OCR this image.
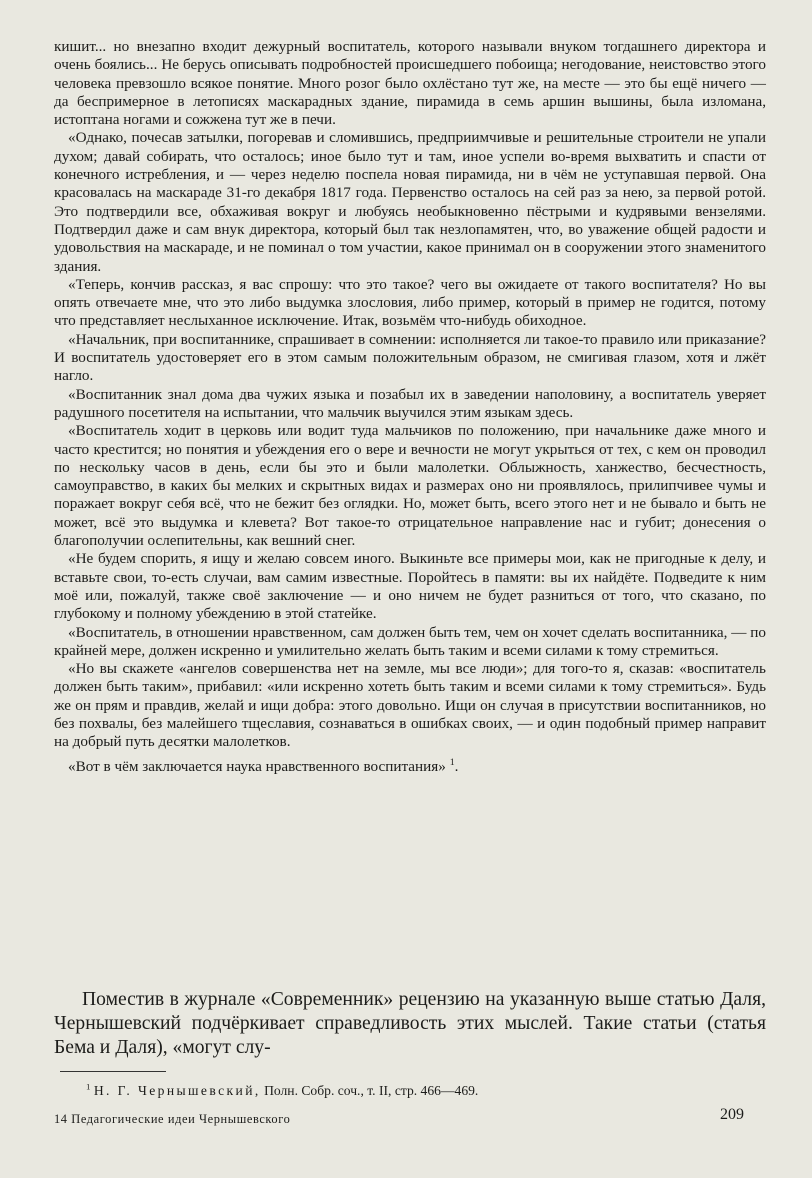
кишит... но внезапно входит дежурный воспитатель, которого называли внуком тогдашнего директора и очень боялись... Не берусь описывать подробностей происшедшего побоища; негодование, неистовство этого человека превзошло всякое понятие. Много розог было охлёстано тут же, на месте — это бы ещё ничего — да беспримерное в летописях маскарадных здание, пирамида в семь аршин вышины, была изломана, истоптана ногами и сожжена тут же в печи.

«Однако, почесав затылки, погоревав и сломившись, предприимчивые и решительные строители не упали духом; давай собирать, что осталось; иное было тут и там, иное успели во-время выхватить и спасти от конечного истребления, и — через неделю поспела новая пирамида, ни в чём не уступавшая первой. Она красовалась на маскараде 31-го декабря 1817 года. Первенство осталось на сей раз за нею, за первой ротой. Это подтвердили все, обхаживая вокруг и любуясь необыкновенно пёстрыми и кудрявыми вензелями. Подтвердил даже и сам внук директора, который был так незлопамятен, что, во уважение общей радости и удовольствия на маскараде, и не поминал о том участии, какое принимал он в сооружении этого знаменитого здания.

«Теперь, кончив рассказ, я вас спрошу: что это такое? чего вы ожидаете от такого воспитателя? Но вы опять отвечаете мне, что это либо выдумка злословия, либо пример, который в пример не годится, потому что представляет неслыханное исключение. Итак, возьмём что-нибудь обиходное.

«Начальник, при воспитаннике, спрашивает в сомнении: исполняется ли такое-то правило или приказание? И воспитатель удостоверяет его в этом самым положительным образом, не смигивая глазом, хотя и лжёт нагло.

«Воспитанник знал дома два чужих языка и позабыл их в заведении наполовину, а воспитатель уверяет радушного посетителя на испытании, что мальчик выучился этим языкам здесь.

«Воспитатель ходит в церковь или водит туда мальчиков по положению, при начальнике даже много и часто крестится; но понятия и убеждения его о вере и вечности не могут укрыться от тех, с кем он проводил по нескольку часов в день, если бы это и были малолетки. Облыжность, ханжество, бесчестность, самоуправство, в каких бы мелких и скрытных видах и размерах оно ни проявлялось, прилипчивее чумы и поражает вокруг себя всё, что не бежит без оглядки. Но, может быть, всего этого нет и не бывало и быть не может, всё это выдумка и клевета? Вот такое-то отрицательное направление нас и губит; донесения о благополучии ослепительны, как вешний снег.

«Не будем спорить, я ищу и желаю совсем иного. Выкиньте все примеры мои, как не пригодные к делу, и вставьте свои, то-есть случаи, вам самим известные. Поройтесь в памяти: вы их найдёте. Подведите к ним моё или, пожалуй, также своё заключение — и оно ничем не будет разниться от того, что сказано, по глубокому и полному убеждению в этой статейке.

«Воспитатель, в отношении нравственном, сам должен быть тем, чем он хочет сделать воспитанника, — по крайней мере, должен искренно и умилительно желать быть таким и всеми силами к тому стремиться.

«Но вы скажете «ангелов совершенства нет на земле, мы все люди»; для того-то я, сказав: «воспитатель должен быть таким», прибавил: «или искренно хотеть быть таким и всеми силами к тому стремиться». Будь же он прям и правдив, желай и ищи добра: этого довольно. Ищи он случая в присутствии воспитанников, но без похвалы, без малейшего тщеславия, сознаваться в ошибках своих, — и один подобный пример направит на добрый путь десятки малолетков.

«Вот в чём заключается наука нравственного воспитания» $^1$.

Поместив в журнале «Современник» рецензию на указанную выше статью Даля, Чернышевский подчёркивает справедливость этих мыслей. Такие статьи (статья Бема и Даля), «могут слу-

$^1$ Н. Г. Чернышевский, Полн. Собр. соч., т. II, стр. 466—469.

14 Педагогические идеи Чернышевского	209
